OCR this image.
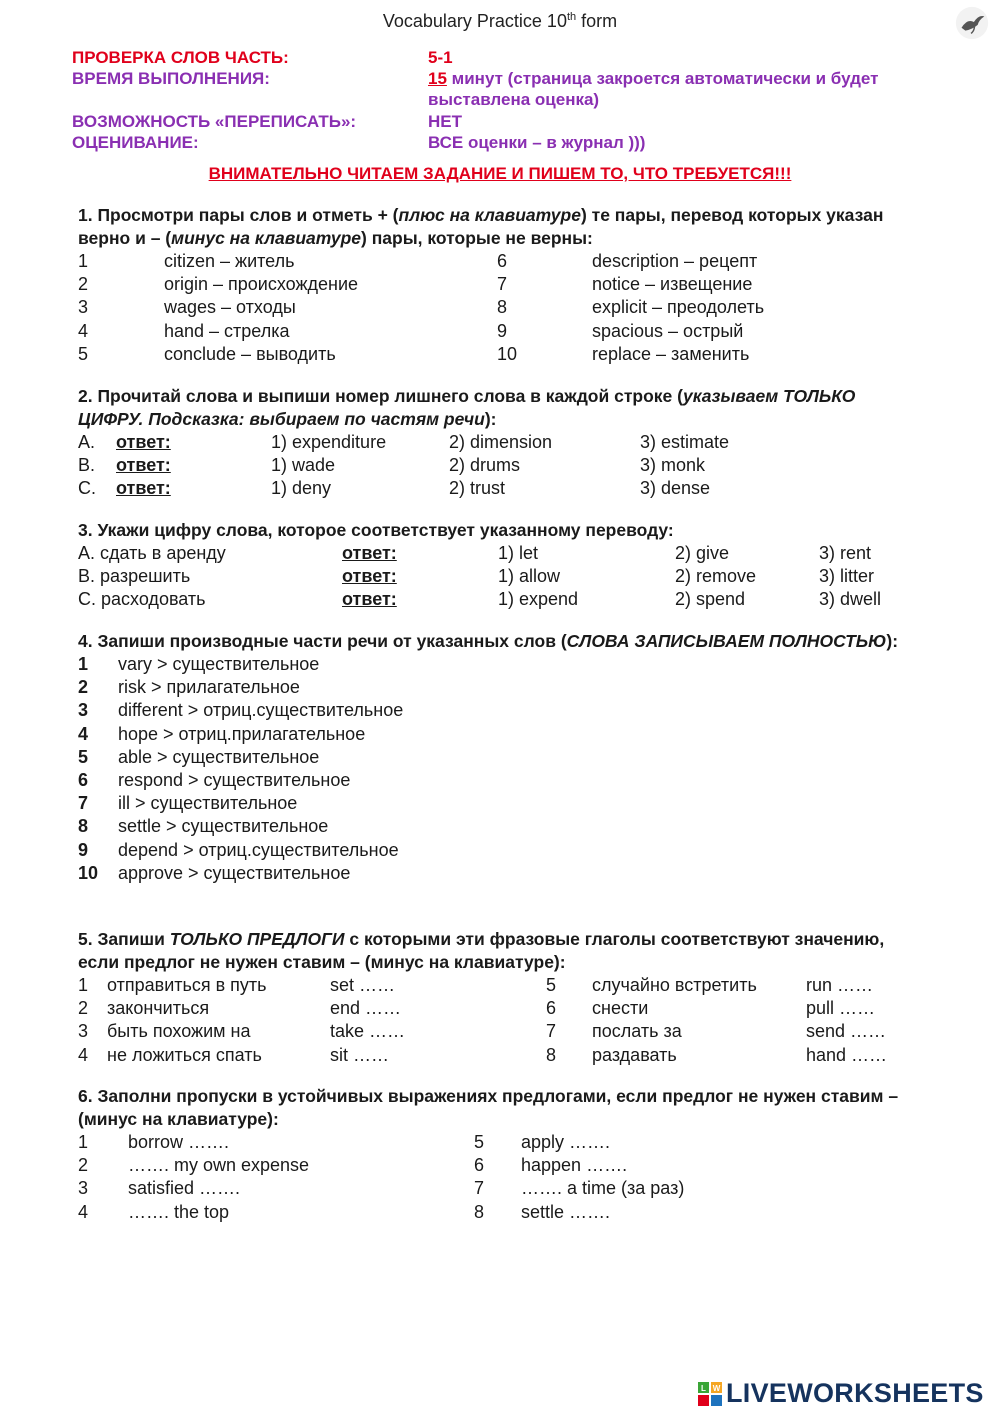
Vocabulary Practice 10th form
ПРОВЕРКА СЛОВ ЧАСТЬ:	5-1
ВРЕМЯ ВЫПОЛНЕНИЯ:	15 минут (страница закроется автоматически и будет выставлена оценка)
ВОЗМОЖНОСТЬ «ПЕРЕПИСАТЬ»:	НЕТ
ОЦЕНИВАНИЕ:	ВСЕ оценки – в журнал )))
ВНИМАТЕЛЬНО ЧИТАЕМ ЗАДАНИЕ И ПИШЕМ ТО, ЧТО ТРЕБУЕТСЯ!!!
1. Просмотри пары слов и отметь + (плюс на клавиатуре) те пары, перевод которых указан верно и – (минус на клавиатуре) пары, которые не верны:
1	citizen – житель	6	description – рецепт
2	origin – происхождение	7	notice – извещение
3	wages – отходы	8	explicit – преодолеть
4	hand – стрелка	9	spacious – острый
5	conclude – выводить	10	replace – заменить
2. Прочитай слова и выпиши номер лишнего слова в каждой строке (указываем ТОЛЬКО ЦИФРУ. Подсказка: выбираем по частям речи):
A. ответ:	1) expenditure	2) dimension	3) estimate
B. ответ:	1) wade	2) drums	3) monk
C. ответ:	1) deny	2) trust	3) dense
3. Укажи цифру слова, которое соответствует указанному переводу:
A. сдать в аренду	ответ:	1) let	2) give	3) rent
B. разрешить	ответ:	1) allow	2) remove	3) litter
C. расходовать	ответ:	1) expend	2) spend	3) dwell
4. Запиши производные части речи от указанных слов (СЛОВА ЗАПИСЫВАЕМ ПОЛНОСТЬЮ):
1 vary > существительное
2 risk > прилагательное
3 different > отриц.существительное
4 hope > отриц.прилагательное
5 able > существительное
6 respond > существительное
7 ill > существительное
8 settle > существительное
9 depend > отриц.существительное
10 approve > существительное
5. Запиши ТОЛЬКО ПРЕДЛОГИ с которыми эти фразовые глаголы соответствуют значению, если предлог не нужен ставим – (минус на клавиатуре):
1 отправиться в путь	set ……	5 случайно встретить	run ……
2 закончиться	end ……	6 снести	pull ……
3 быть похожим на	take ……	7 послать за	send ……
4 не ложиться спать	sit ……	8 раздавать	hand ……
6. Заполни пропуски в устойчивых выражениях предлогами, если предлог не нужен ставим – (минус на клавиатуре):
1 borrow …….	5 apply …….
2 ……. my own expense	6 happen …….
3 satisfied …….	7 ……. a time (за раз)
4 ……. the top	8 settle …….
L W LIVEWORKSHEETS
